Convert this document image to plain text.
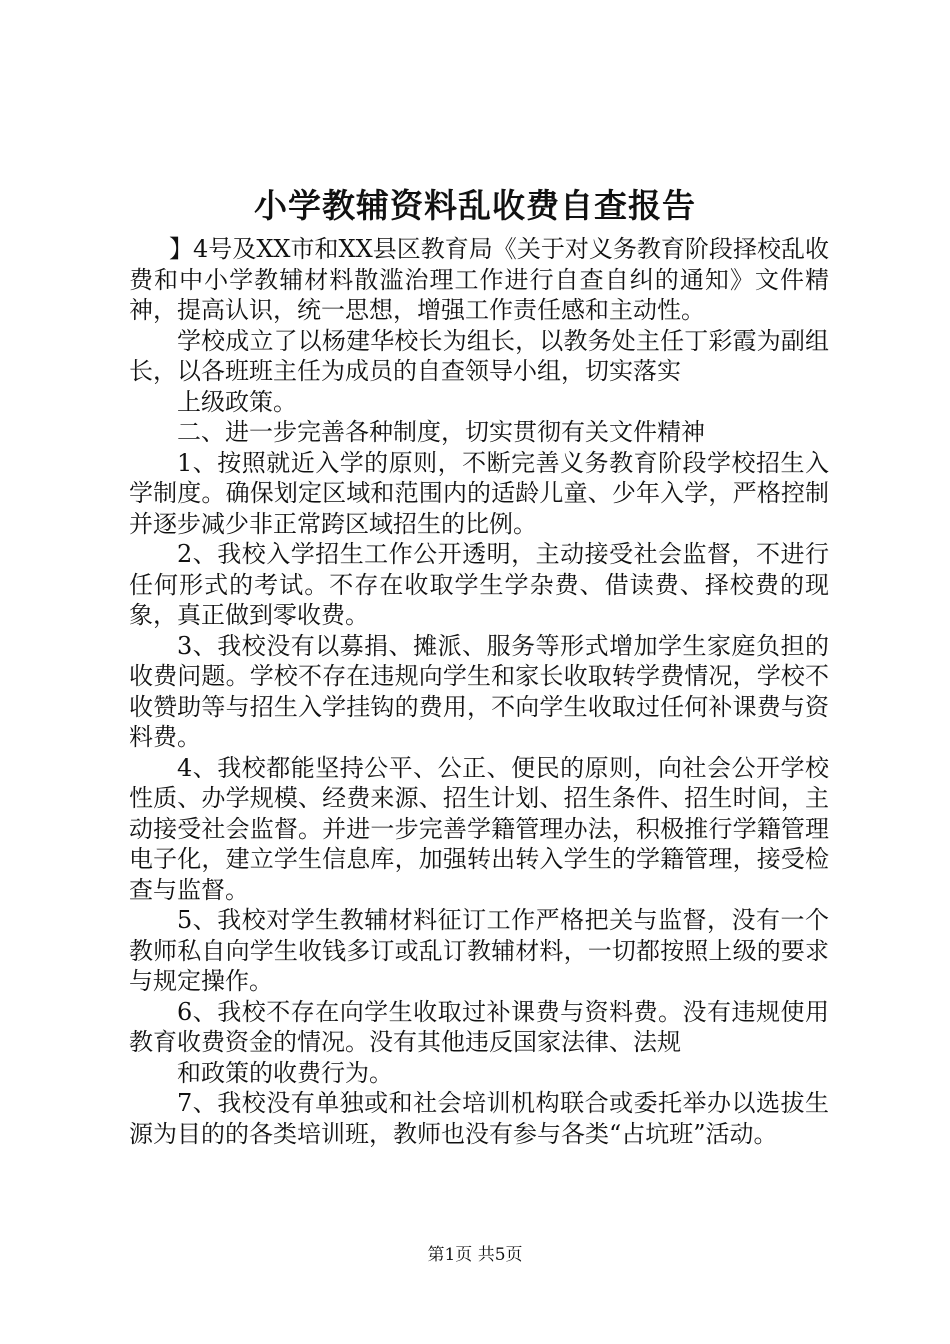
小学教辅资料乱收费自查报告

】4号及XX市和XX县区教育局《关于对义务教育阶段择校乱收费和中小学教辅材料散滥治理工作进行自查自纠的通知》文件精神，提高认识，统一思想，增强工作责任感和主动性。

学校成立了以杨建华校长为组长，以教务处主任丁彩霞为副组长，以各班班主任为成员的自查领导小组，切实落实

上级政策。

二、进一步完善各种制度，切实贯彻有关文件精神

1、按照就近入学的原则，不断完善义务教育阶段学校招生入学制度。确保划定区域和范围内的适龄儿童、少年入学，严格控制并逐步减少非正常跨区域招生的比例。

2、我校入学招生工作公开透明，主动接受社会监督，不进行任何形式的考试。不存在收取学生学杂费、借读费、择校费的现象，真正做到零收费。

3、我校没有以募捐、摊派、服务等形式增加学生家庭负担的收费问题。学校不存在违规向学生和家长收取转学费情况，学校不收赞助等与招生入学挂钩的费用，不向学生收取过任何补课费与资料费。

4、我校都能坚持公平、公正、便民的原则，向社会公开学校性质、办学规模、经费来源、招生计划、招生条件、招生时间，主动接受社会监督。并进一步完善学籍管理办法，积极推行学籍管理电子化，建立学生信息库，加强转出转入学生的学籍管理，接受检查与监督。

5、我校对学生教辅材料征订工作严格把关与监督，没有一个教师私自向学生收钱多订或乱订教辅材料，一切都按照上级的要求与规定操作。

6、我校不存在向学生收取过补课费与资料费。没有违规使用教育收费资金的情况。没有其他违反国家法律、法规

和政策的收费行为。

7、我校没有单独或和社会培训机构联合或委托举办以选拔生源为目的的各类培训班，教师也没有参与各类“占坑班”活动。

第1页 共5页
